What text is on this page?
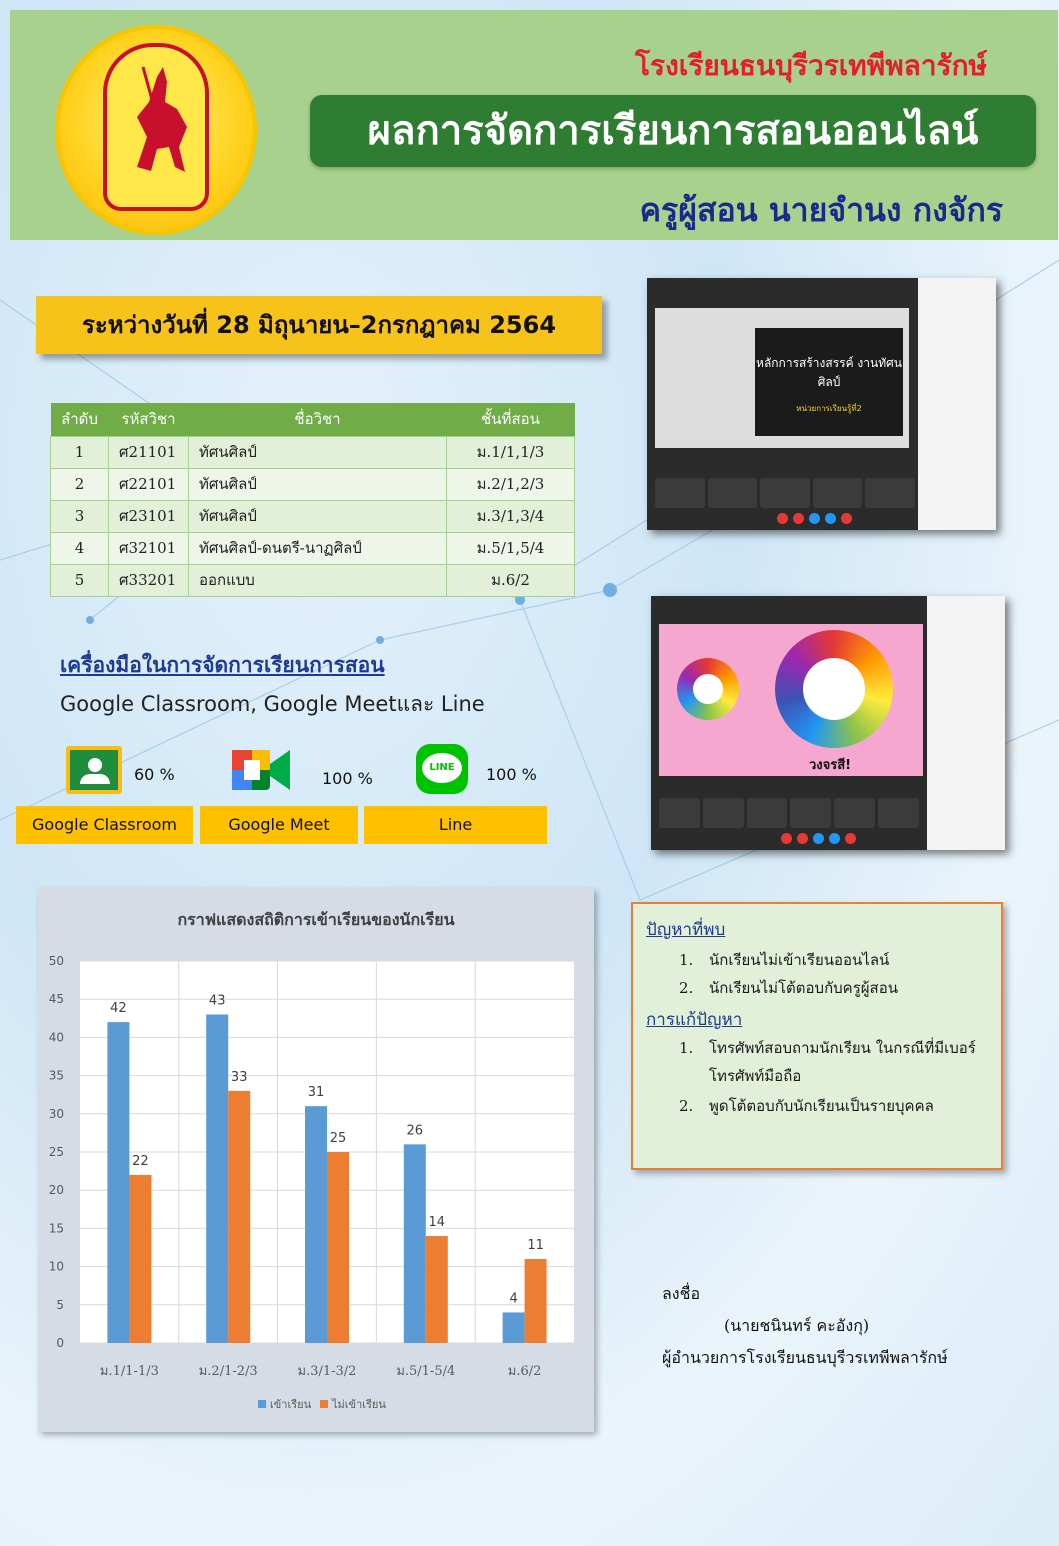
โรงเรียนธนบุรีวรเทพีพลารักษ์
ผลการจัดการเรียนการสอนออนไลน์
ครูผู้สอน นายจำนง กงจักร
ระหว่างวันที่ 28 มิถุนายน–2กรกฎาคม 2564
ลำดับ	รหัสวิชา	ชื่อวิชา	ชั้นที่สอน
1	ศ21101	ทัศนศิลป์	ม.1/1,1/3
2	ศ22101	ทัศนศิลป์	ม.2/1,2/3
3	ศ23101	ทัศนศิลป์	ม.3/1,3/4
4	ศ32101	ทัศนศิลป์-ดนตรี-นาฏศิลป์	ม.5/1,5/4
5	ศ33201	ออกแบบ	ม.6/2
เครื่องมือในการจัดการเรียนการสอน
Google Classroom, Google Meetและ Line
LINE
60 %	100 %	100 %
Google Classroom	Google Meet	Line
หลักการสร้างสรรค์ งานทัศนศิลป์
หน่วยการเรียนรู้ที่2
วงจรสี!
กราฟแสดงสถิติการเข้าเรียนของนักเรียน
0
5
10
15
20
25
30
35
40
45
50
42
22
ม.1/1-1/3
43
33
ม.2/1-2/3
31
25
ม.3/1-3/2
26
14
ม.5/1-5/4
4
11
ม.6/2
เข้าเรียน ไม่เข้าเรียน
ปัญหาที่พบ
1. นักเรียนไม่เข้าเรียนออนไลน์
2. นักเรียนไม่โต้ตอบกับครูผู้สอน
การแก้ปัญหา
1. โทรศัพท์สอบถามนักเรียน ในกรณีที่มีเบอร์
โทรศัพท์มือถือ
2. พูดโต้ตอบกับนักเรียนเป็นรายบุคคล
ลงชื่อ
(นายชนินทร์ คะอังกุ)
ผู้อำนวยการโรงเรียนธนบุรีวรเทพีพลารักษ์
